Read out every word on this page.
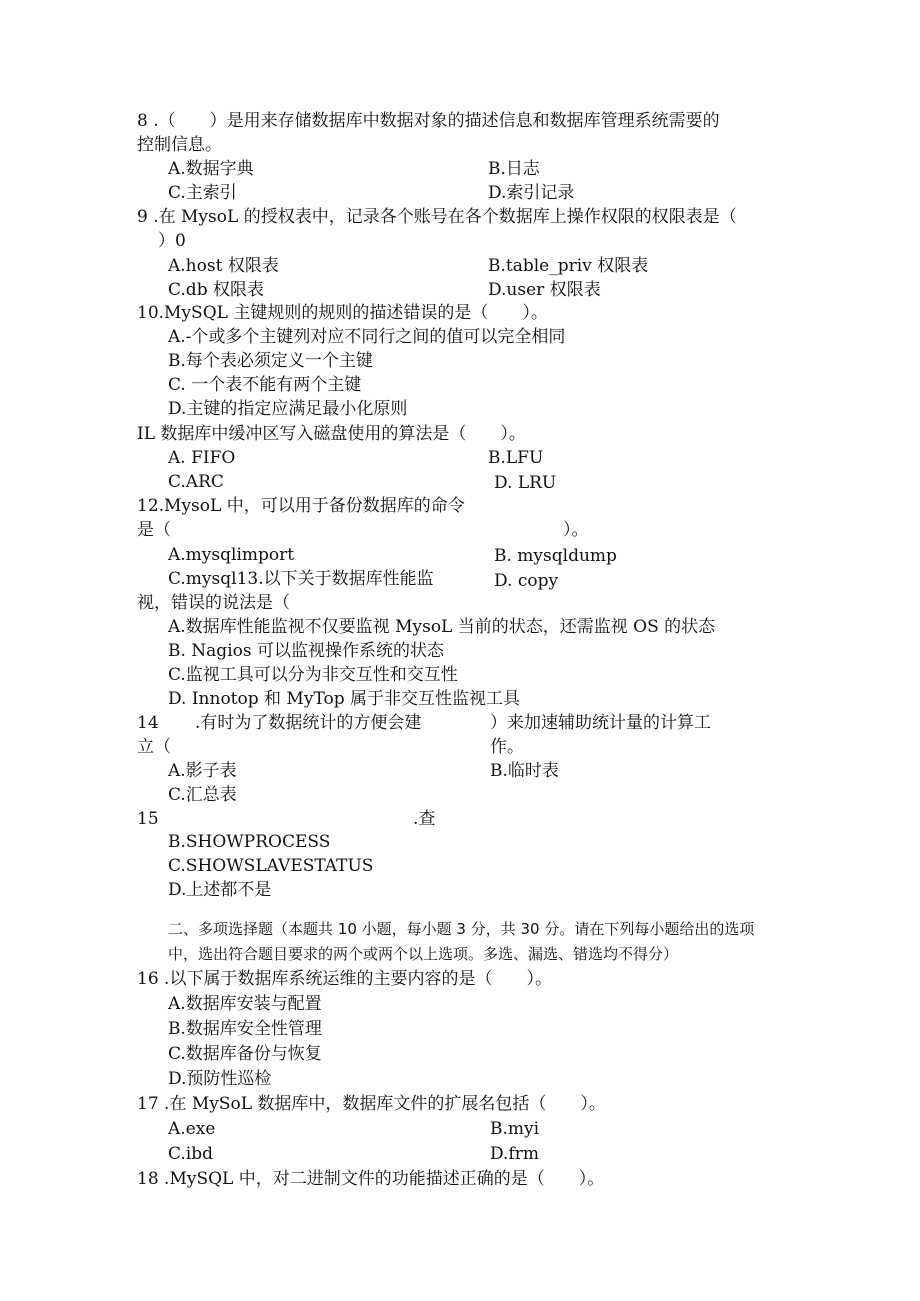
8 .（　　）是用来存储数据库中数据对象的描述信息和数据库管理系统需要的
控制信息。
A.数据字典	B.日志
C.主索引	D.索引记录
9 .在 MysoL 的授权表中，记录各个账号在各个数据库上操作权限的权限表是（
）0
A.host 权限表	B.table_priv 权限表
C.db 权限表	D.user 权限表
10.MySQL 主键规则的规则的描述错误的是（　　）。
A.-个或多个主键列对应不同行之间的值可以完全相同
B.每个表必须定义一个主键
C. 一个表不能有两个主键
D.主键的指定应满足最小化原则
IL 数据库中缓冲区写入磁盘使用的算法是（　　）。
A. FIFO	B.LFU
C.ARC	D. LRU
12.MysoL 中，可以用于备份数据库的命令
是（	）。
A.mysqlimport	B. mysqldump
C.mysql13.以下关于数据库性能监	D. copy
视，错误的说法是（
A.数据库性能监视不仅要监视 MysoL 当前的状态，还需监视 OS 的状态
B. Nagios 可以监视操作系统的状态
C.监视工具可以分为非交互性和交互性
D. Innotop 和 MyTop 属于非交互性监视工具
14 .有时为了数据统计的方便会建	）来加速辅助统计量的计算工
立（	作。
A.影子表	B.临时表
C.汇总表
15	.查
B.SHOWPROCESS
C.SHOWSLAVESTATUS
D.上述都不是
二、多项选择题（本题共 10 小题，每小题 3 分，共 30 分。请在下列每小题给出的选项
中，选出符合题目要求的两个或两个以上选项。多选、漏选、错选均不得分）
16 .以下属于数据库系统运维的主要内容的是（　　）。
A.数据库安装与配置
B.数据库安全性管理
C.数据库备份与恢复
D.预防性巡检
17 .在 MySoL 数据库中，数据库文件的扩展名包括（　　）。
A.exe	B.myi
C.ibd	D.frm
18 .MySQL 中，对二进制文件的功能描述正确的是（　　）。
